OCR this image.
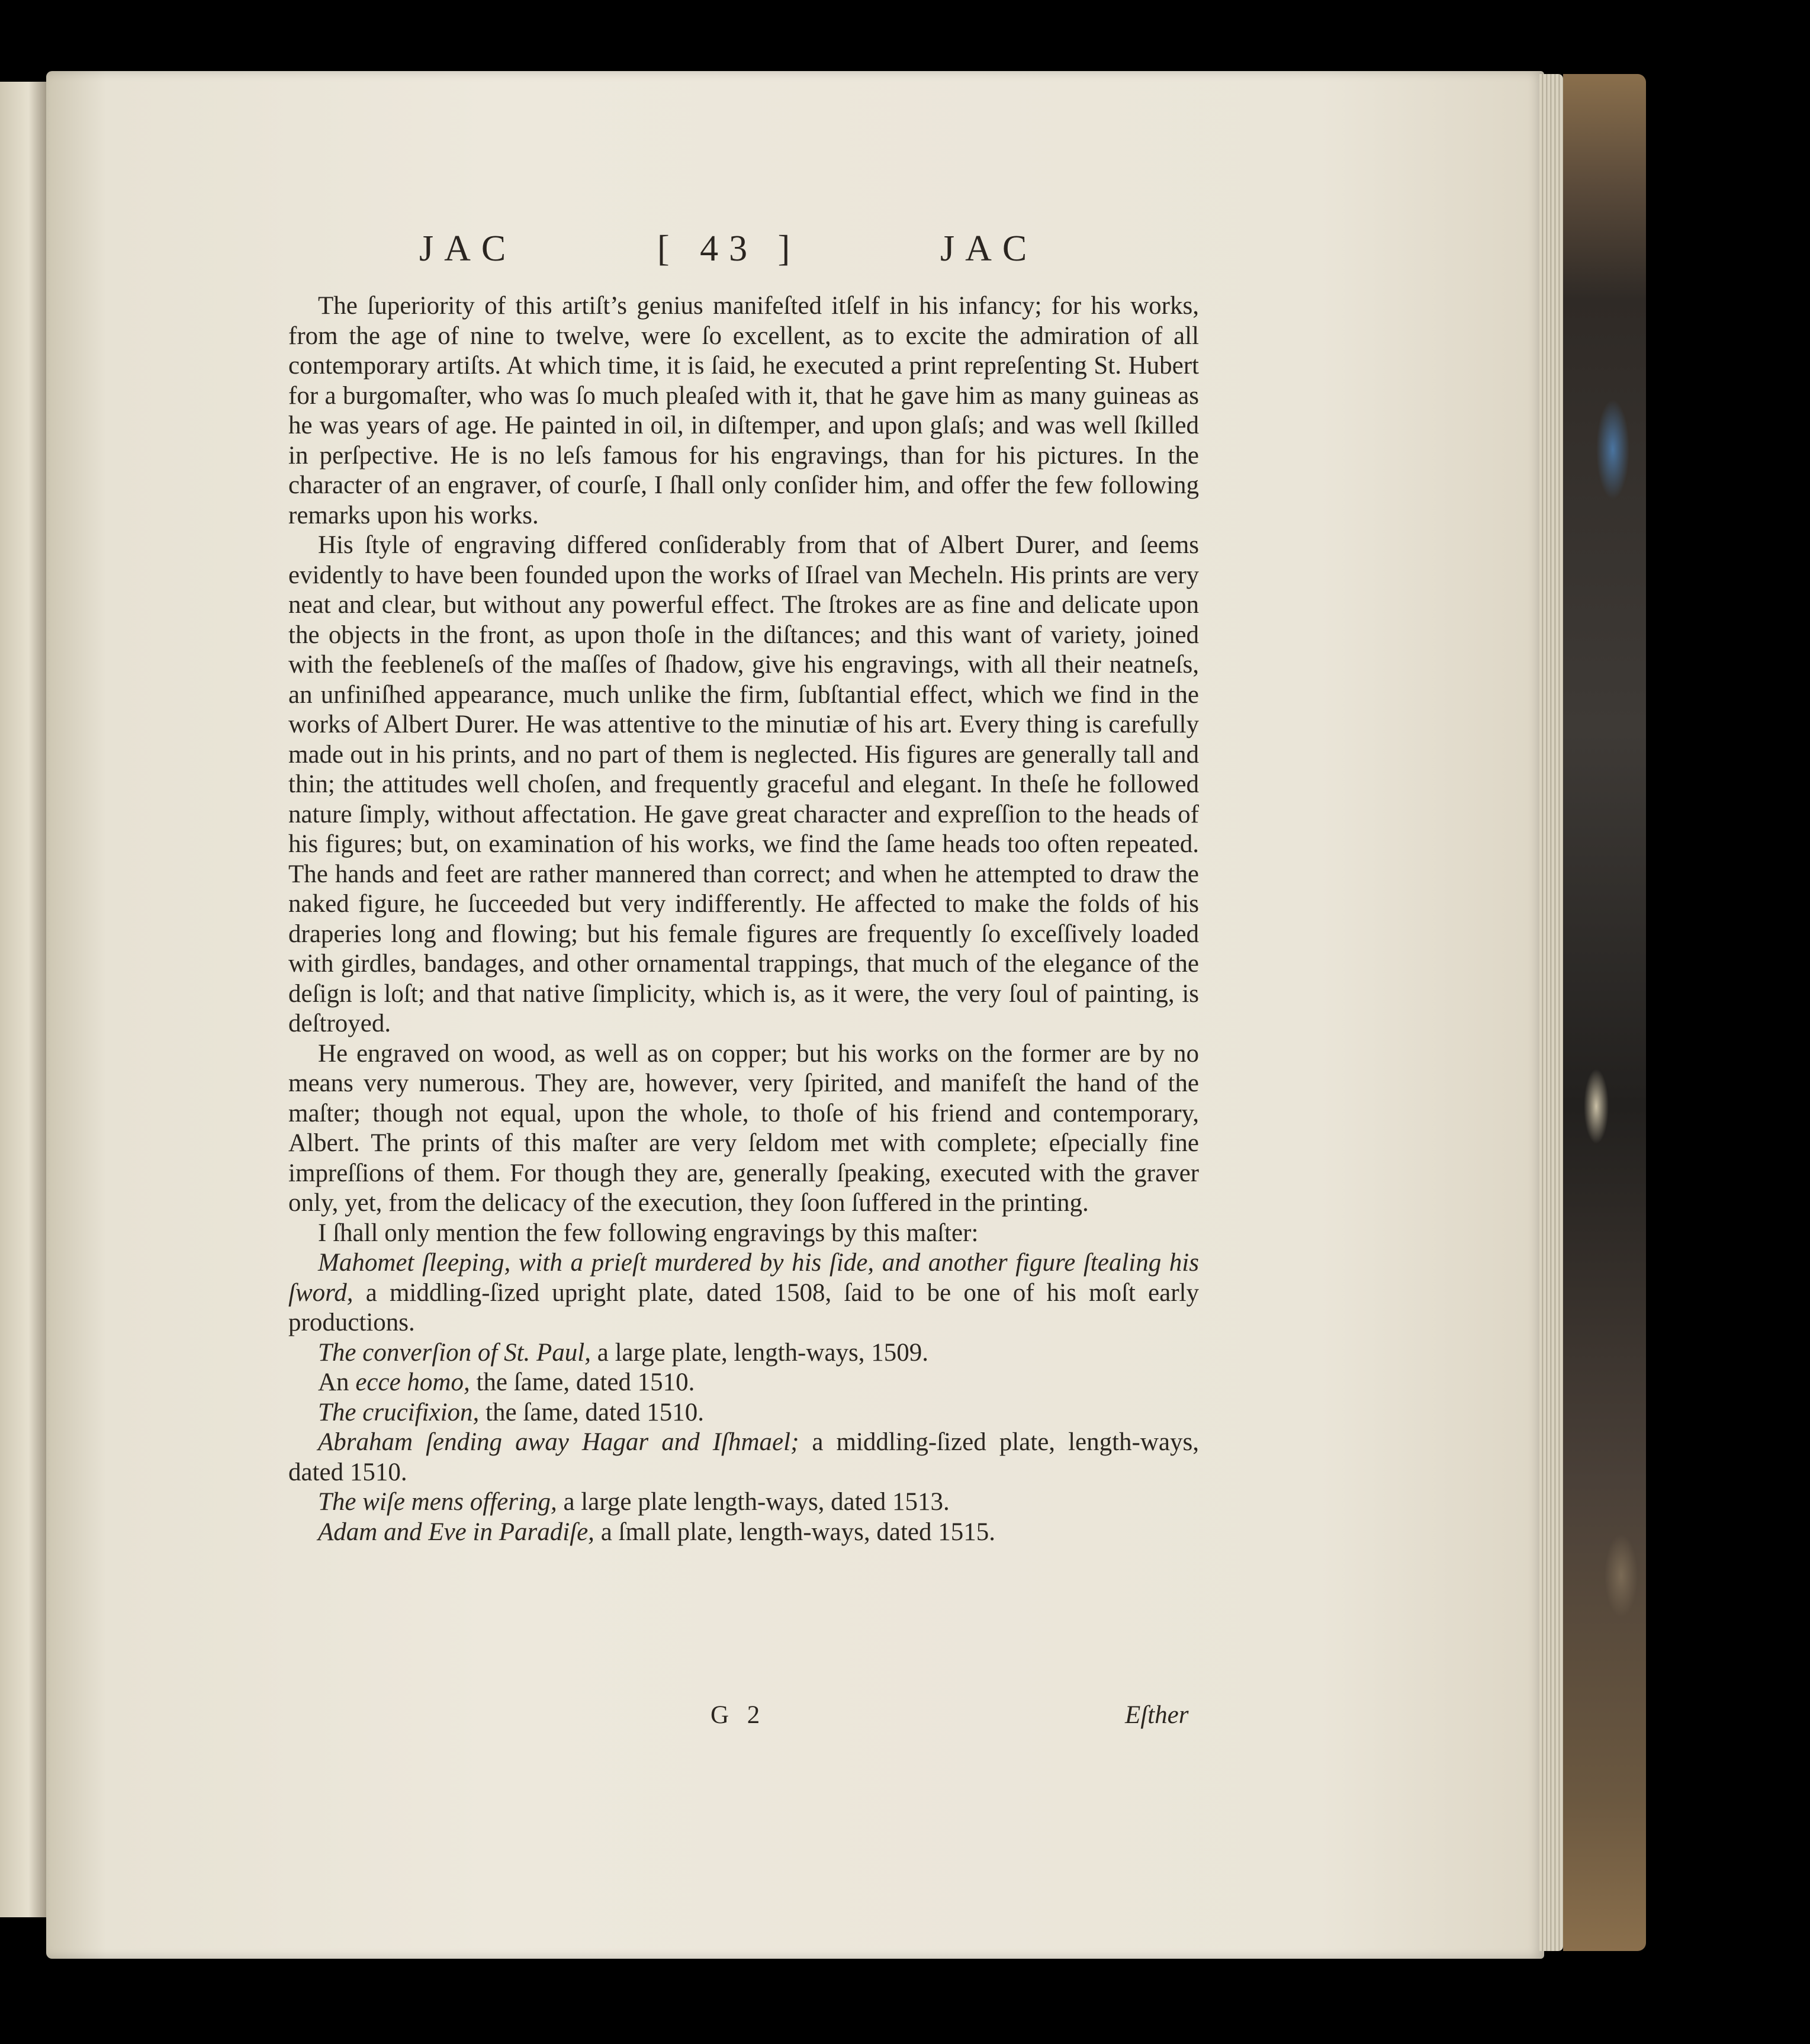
JAC	[ 43 ]	JAC

The ſuperiority of this artiſt’s genius manifeſted itſelf in his infancy; for his works, from the age of nine to twelve, were ſo excellent, as to excite the admiration of all contemporary artiſts. At which time, it is ſaid, he executed a print repreſenting St. Hubert for a burgomaſter, who was ſo much pleaſed with it, that he gave him as many guineas as he was years of age. He painted in oil, in diſtemper, and upon glaſs; and was well ſkilled in perſpective. He is no leſs famous for his engravings, than for his pictures. In the character of an engraver, of courſe, I ſhall only conſider him, and offer the few following remarks upon his works.

His ſtyle of engraving differed conſiderably from that of Albert Durer, and ſeems evidently to have been founded upon the works of Iſrael van Mecheln. His prints are very neat and clear, but without any powerful effect. The ſtrokes are as fine and delicate upon the objects in the front, as upon thoſe in the diſtances; and this want of variety, joined with the feebleneſs of the maſſes of ſhadow, give his engravings, with all their neatneſs, an unfiniſhed appearance, much unlike the firm, ſubſtantial effect, which we find in the works of Albert Durer. He was attentive to the minutiæ of his art. Every thing is carefully made out in his prints, and no part of them is neglected. His figures are generally tall and thin; the attitudes well choſen, and frequently graceful and elegant. In theſe he followed nature ſimply, without affectation. He gave great character and expreſſion to the heads of his figures; but, on examination of his works, we find the ſame heads too often repeated. The hands and feet are rather mannered than correct; and when he attempted to draw the naked figure, he ſucceeded but very indifferently. He affected to make the folds of his draperies long and flowing; but his female figures are frequently ſo exceſſively loaded with girdles, bandages, and other ornamental trappings, that much of the elegance of the deſign is loſt; and that native ſimplicity, which is, as it were, the very ſoul of painting, is deſtroyed.

He engraved on wood, as well as on copper; but his works on the former are by no means very numerous. They are, however, very ſpirited, and manifeſt the hand of the maſter; though not equal, upon the whole, to thoſe of his friend and contemporary, Albert. The prints of this maſter are very ſeldom met with complete; eſpecially fine impreſſions of them. For though they are, generally ſpeaking, executed with the graver only, yet, from the delicacy of the execution, they ſoon ſuffered in the printing.

I ſhall only mention the few following engravings by this maſter:

Mahomet ſleeping, with a prieſt murdered by his ſide, and another figure ſtealing his ſword, a middling-ſized upright plate, dated 1508, ſaid to be one of his moſt early productions.

The converſion of St. Paul, a large plate, length-ways, 1509.

An ecce homo, the ſame, dated 1510.

The crucifixion, the ſame, dated 1510.

Abraham ſending away Hagar and Iſhmael; a middling-ſized plate, length-ways, dated 1510.

The wiſe mens offering, a large plate length-ways, dated 1513.

Adam and Eve in Paradiſe, a ſmall plate, length-ways, dated 1515.

G 2	Eſther
